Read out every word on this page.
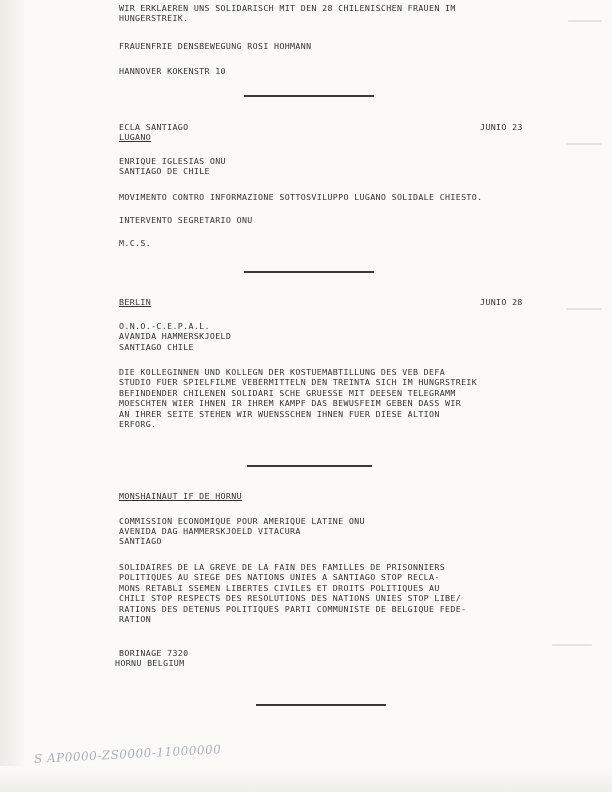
WIR ERKLAEREN UNS SOLIDARISCH MIT DEN 28 CHILENISCHEN FRAUEN IM

HUNGERSTREIK.

FRAUENFRIE DENSBEWEGUNG ROSI HOHMANN

HANNOVER KOKENSTR 10

ECLA SANTIAGO	JUNIO 23

LUGANO

ENRIQUE IGLESIAS ONU

SANTIAGO DE CHILE

MOVIMENTO CONTRO INFORMAZIONE SOTTOSVILUPPO LUGANO SOLIDALE CHIESTO.

INTERVENTO SEGRETARIO ONU

M.C.S.

BERLIN	JUNIO 28

O.N.O.-C.E.P.A.L.

AVANIDA HAMMERSKJOELD

SANTIAGO CHILE

DIE KOLLEGINNEN UND KOLLEGN DER KOSTUEMABTILLUNG DES VEB DEFA

STUDIO FUER SPIELFILME VEBERMITTELN DEN TREINTA SICH IM HUNGRSTREIK

BEFINDENDER CHILENEN SOLIDARI SCHE GRUESSE MIT DEESEN TELEGRAMM

MOESCHTEN WIER IHNEN IR IHREM KAMPF DAS BEWUSFEIM GEBEN DASS WIR

AN IHRER SEITE STEHEN WIR WUENSSCHEN IHNEN FUER DIESE ALTION

ERFORG.

MONSHAINAUT IF DE HORNU

COMMISSION ECONOMIQUE POUR AMERIQUE LATINE ONU

AVENIDA DAG HAMMERSKJOELD VITACURA

SANTIAGO

SOLIDAIRES DE LA GREVE DE LA FAIN DES FAMILLES DE PRISONNIERS

POLITIQUES AU SIEGE DES NATIONS UNIES A SANTIAGO STOP RECLA-

MONS RETABLI SSEMEN LIBERTES CIVILES ET DROITS POLITIQUES AU

CHILI STOP RESPECTS DES RESOLUTIONS DES NATIONS UNIES STOP LIBE/

RATIONS DES DETENUS POLITIQUES PARTI COMMUNISTE DE BELGIQUE FEDE-

RATION

BORINAGE 7320

HORNU BELGIUM

S AP0000-ZS0000-11000000
